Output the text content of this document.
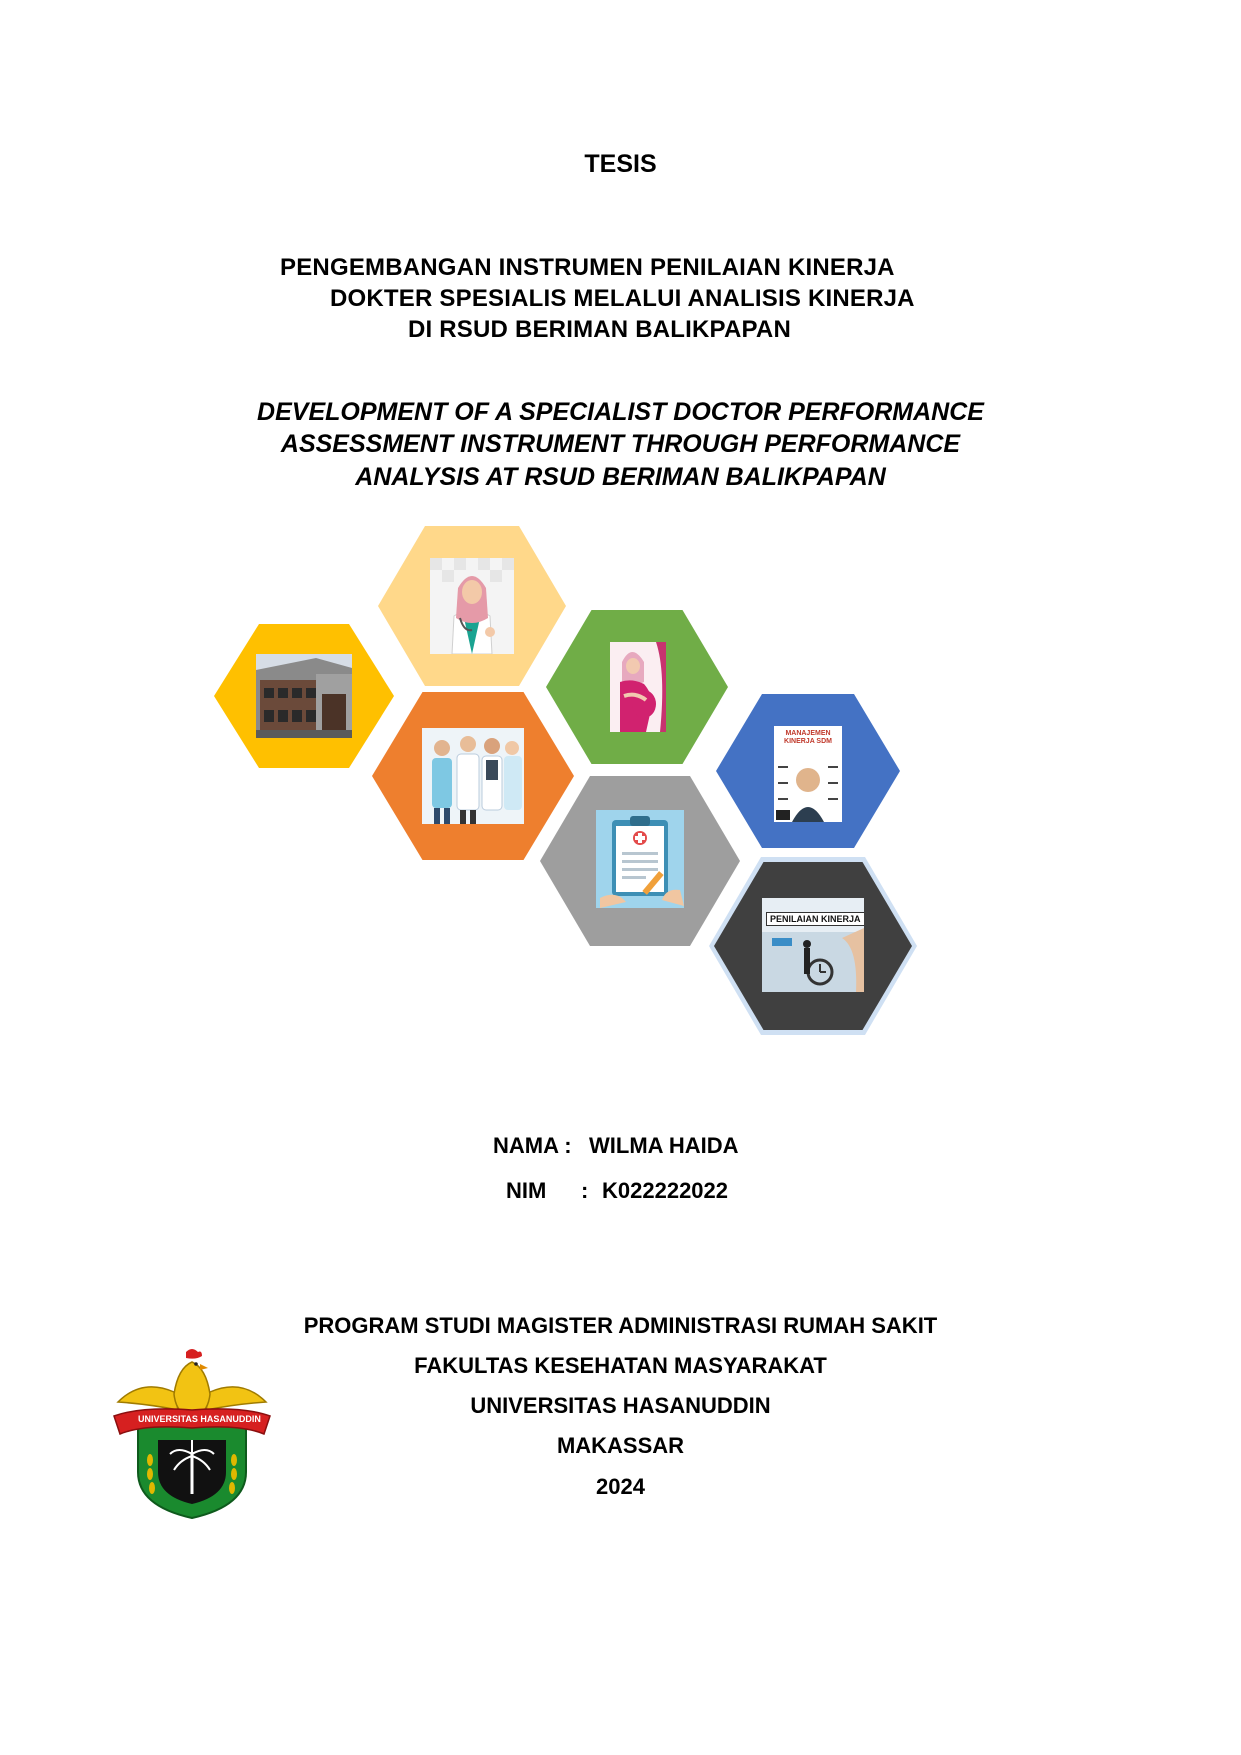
TESIS
PENGEMBANGAN INSTRUMEN PENILAIAN KINERJA
DOKTER SPESIALIS MELALUI ANALISIS KINERJA
DI RSUD BERIMAN BALIKPAPAN
DEVELOPMENT OF A SPECIALIST DOCTOR PERFORMANCE
ASSESSMENT INSTRUMENT THROUGH PERFORMANCE
ANALYSIS AT RSUD BERIMAN BALIKPAPAN
MANAJEMEN KINERJA SDM
PENILAIAN KINERJA
NAMA : WILMA HAIDA
NIM : K022222022
PROGRAM STUDI MAGISTER ADMINISTRASI RUMAH SAKIT
FAKULTAS KESEHATAN MASYARAKAT
UNIVERSITAS HASANUDDIN
MAKASSAR
2024
UNIVERSITAS HASANUDDIN
